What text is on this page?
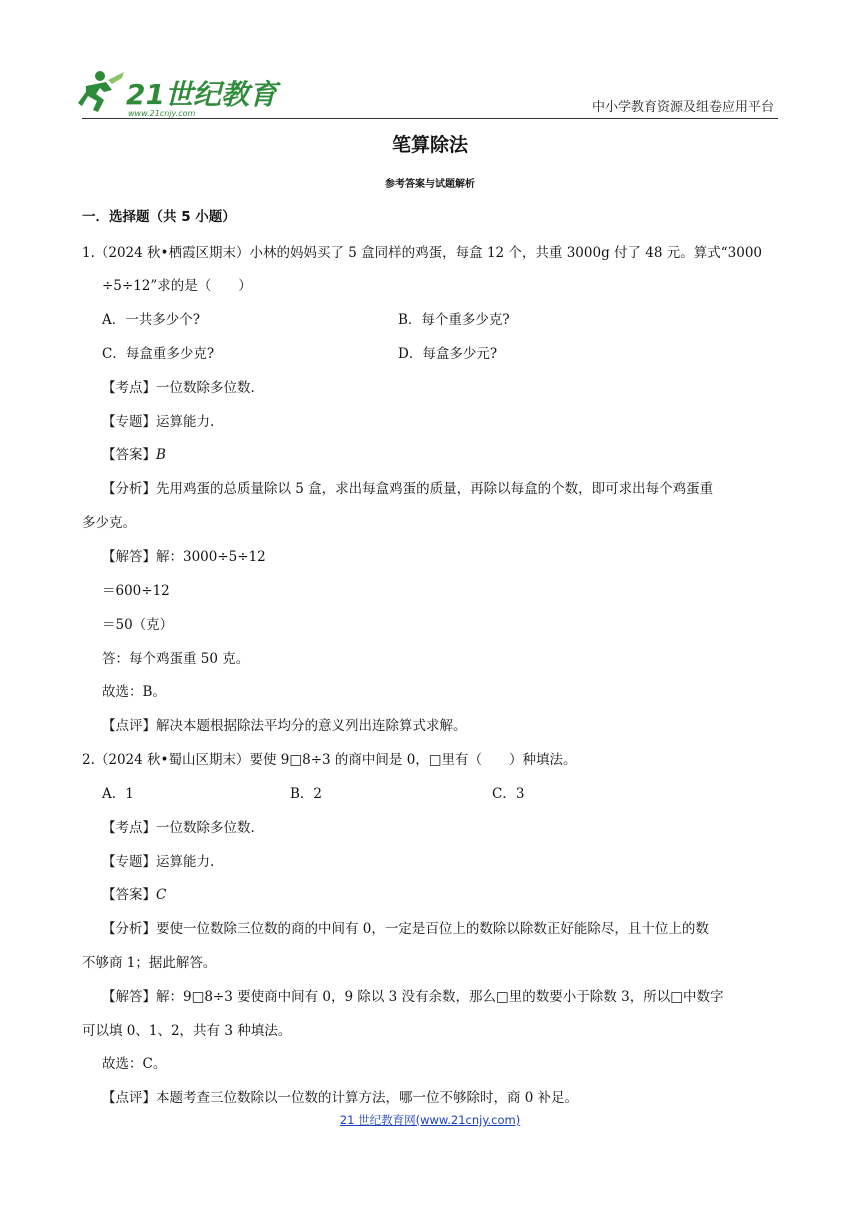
21世纪教育
www.21cnjy.com	中小学教育资源及组卷应用平台
笔算除法
参考答案与试题解析
一．选择题（共 5 小题）
1.（2024 秋•栖霞区期末）小林的妈妈买了 5 盒同样的鸡蛋，每盒 12 个，共重 3000g 付了 48 元。算式“3000
÷5÷12”求的是（　　）
A．一共多少个?	B．每个重多少克?
C．每盒重多少克?	D．每盒多少元?
【考点】一位数除多位数.
【专题】运算能力.
【答案】B
【分析】先用鸡蛋的总质量除以 5 盒，求出每盒鸡蛋的质量，再除以每盒的个数，即可求出每个鸡蛋重
多少克。
【解答】解：3000÷5÷12
＝600÷12
＝50（克）
答：每个鸡蛋重 50 克。
故选：B。
【点评】解决本题根据除法平均分的意义列出连除算式求解。
2.（2024 秋•蜀山区期末）要使 9□8÷3 的商中间是 0，□里有（　　）种填法。
A．1	B．2	C．3
【考点】一位数除多位数.
【专题】运算能力.
【答案】C
【分析】要使一位数除三位数的商的中间有 0，一定是百位上的数除以除数正好能除尽，且十位上的数
不够商 1；据此解答。
【解答】解：9□8÷3 要使商中间有 0，9 除以 3 没有余数，那么□里的数要小于除数 3，所以□中数字
可以填 0、1、2，共有 3 种填法。
故选：C。
【点评】本题考查三位数除以一位数的计算方法，哪一位不够除时，商 0 补足。
21 世纪教育网(www.21cnjy.com)
